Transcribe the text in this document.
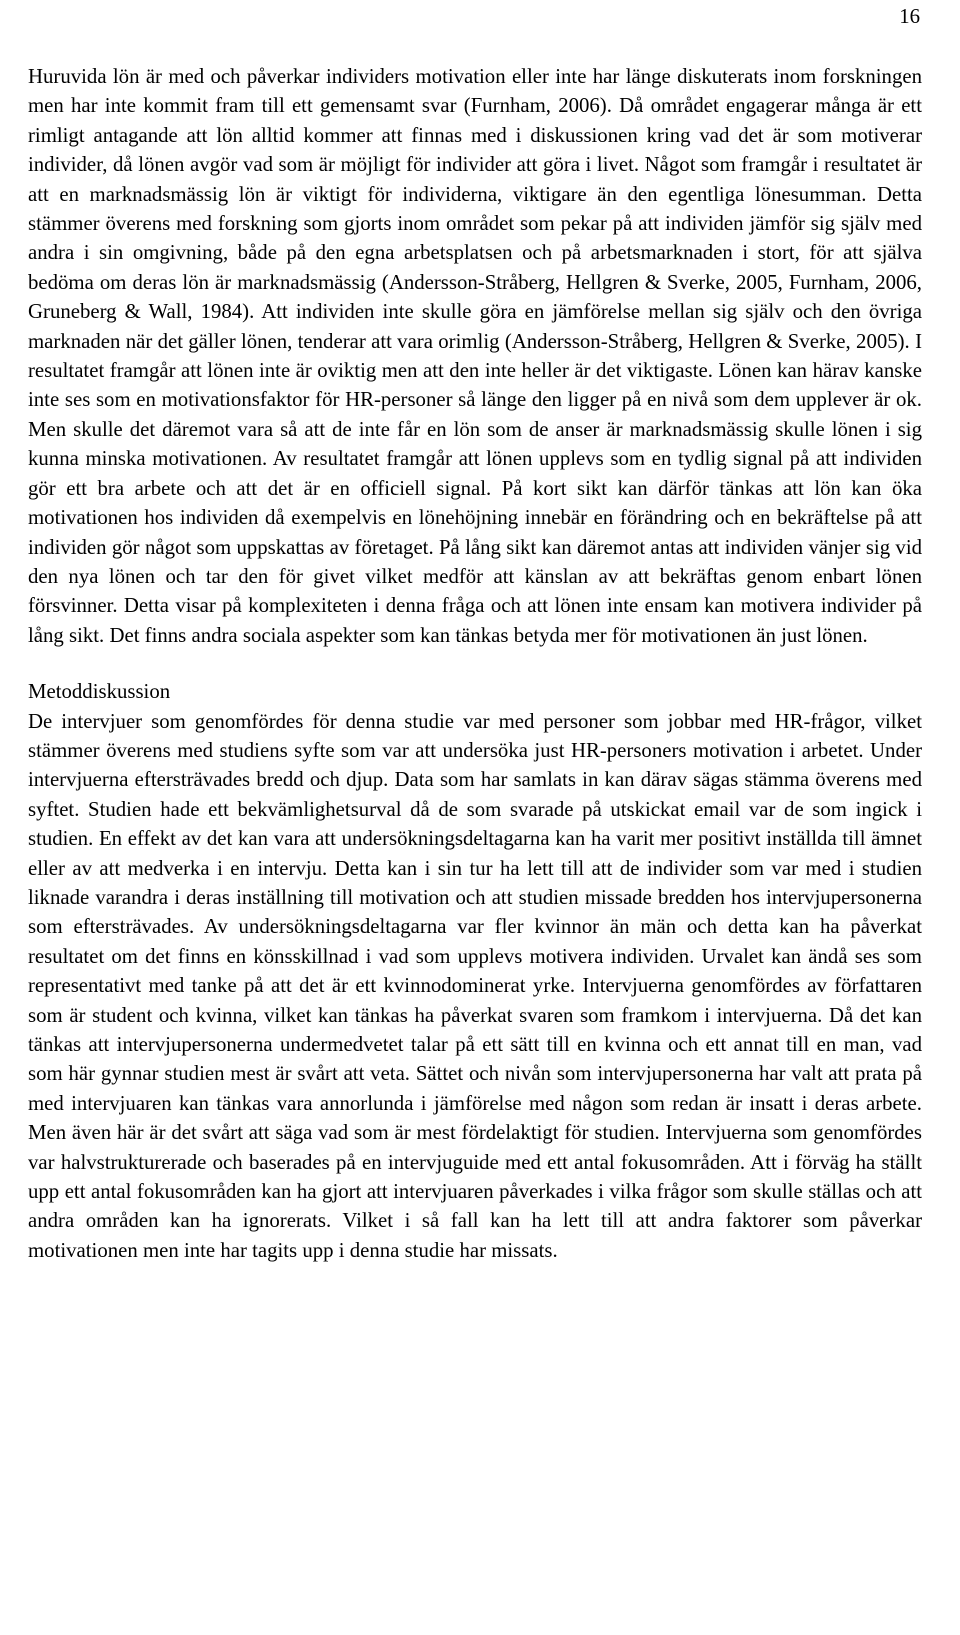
16

Huruvida lön är med och påverkar individers motivation eller inte har länge diskuterats inom forskningen men har inte kommit fram till ett gemensamt svar (Furnham, 2006). Då området engagerar många är ett rimligt antagande att lön alltid kommer att finnas med i diskussionen kring vad det är som motiverar individer, då lönen avgör vad som är möjligt för individer att göra i livet. Något som framgår i resultatet är att en marknadsmässig lön är viktigt för individerna, viktigare än den egentliga lönesumman. Detta stämmer överens med forskning som gjorts inom området som pekar på att individen jämför sig själv med andra i sin omgivning, både på den egna arbetsplatsen och på arbetsmarknaden i stort, för att själva bedöma om deras lön är marknadsmässig (Andersson-Stråberg, Hellgren & Sverke, 2005, Furnham, 2006, Gruneberg & Wall, 1984). Att individen inte skulle göra en jämförelse mellan sig själv och den övriga marknaden när det gäller lönen, tenderar att vara orimlig (Andersson-Stråberg, Hellgren & Sverke, 2005). I resultatet framgår att lönen inte är oviktig men att den inte heller är det viktigaste. Lönen kan härav kanske inte ses som en motivationsfaktor för HR-personer så länge den ligger på en nivå som dem upplever är ok. Men skulle det däremot vara så att de inte får en lön som de anser är marknadsmässig skulle lönen i sig kunna minska motivationen. Av resultatet framgår att lönen upplevs som en tydlig signal på att individen gör ett bra arbete och att det är en officiell signal. På kort sikt kan därför tänkas att lön kan öka motivationen hos individen då exempelvis en lönehöjning innebär en förändring och en bekräftelse på att individen gör något som uppskattas av företaget. På lång sikt kan däremot antas att individen vänjer sig vid den nya lönen och tar den för givet vilket medför att känslan av att bekräftas genom enbart lönen försvinner. Detta visar på komplexiteten i denna fråga och att lönen inte ensam kan motivera individer på lång sikt. Det finns andra sociala aspekter som kan tänkas betyda mer för motivationen än just lönen.

Metoddiskussion

De intervjuer som genomfördes för denna studie var med personer som jobbar med HR-frågor, vilket stämmer överens med studiens syfte som var att undersöka just HR-personers motivation i arbetet. Under intervjuerna eftersträvades bredd och djup. Data som har samlats in kan därav sägas stämma överens med syftet. Studien hade ett bekvämlighetsurval då de som svarade på utskickat email var de som ingick i studien. En effekt av det kan vara att undersökningsdeltagarna kan ha varit mer positivt inställda till ämnet eller av att medverka i en intervju. Detta kan i sin tur ha lett till att de individer som var med i studien liknade varandra i deras inställning till motivation och att studien missade bredden hos intervjupersonerna som eftersträvades. Av undersökningsdeltagarna var fler kvinnor än män och detta kan ha påverkat resultatet om det finns en könsskillnad i vad som upplevs motivera individen. Urvalet kan ändå ses som representativt med tanke på att det är ett kvinnodominerat yrke. Intervjuerna genomfördes av författaren som är student och kvinna, vilket kan tänkas ha påverkat svaren som framkom i intervjuerna. Då det kan tänkas att intervjupersonerna undermedvetet talar på ett sätt till en kvinna och ett annat till en man, vad som här gynnar studien mest är svårt att veta. Sättet och nivån som intervjupersonerna har valt att prata på med intervjuaren kan tänkas vara annorlunda i jämförelse med någon som redan är insatt i deras arbete. Men även här är det svårt att säga vad som är mest fördelaktigt för studien. Intervjuerna som genomfördes var halvstrukturerade och baserades på en intervjuguide med ett antal fokusområden. Att i förväg ha ställt upp ett antal fokusområden kan ha gjort att intervjuaren påverkades i vilka frågor som skulle ställas och att andra områden kan ha ignorerats. Vilket i så fall kan ha lett till att andra faktorer som påverkar motivationen men inte har tagits upp i denna studie har missats.
